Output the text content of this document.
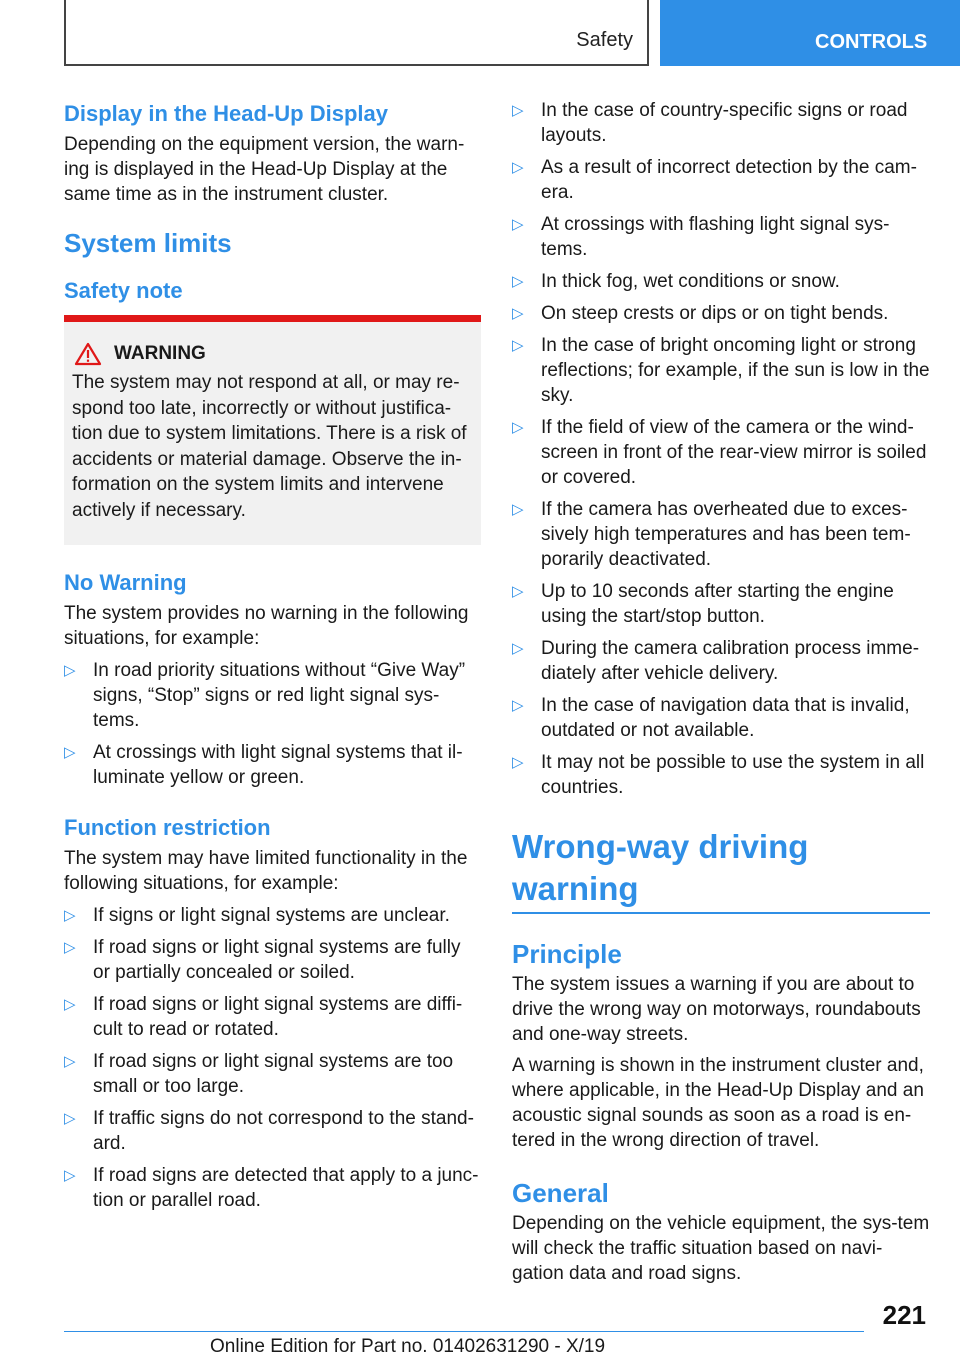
Safety	CONTROLS
Display in the Head-Up Display

Depending on the equipment version, the warn-ing is displayed in the Head-Up Display at the same time as in the instrument cluster.

System limits
Safety note
WARNING

The system may not respond at all, or may re-spond too late, incorrectly or without justifica-tion due to system limitations. There is a risk of accidents or material damage. Observe the in-formation on the system limits and intervene actively if necessary.

No Warning

The system provides no warning in the following situations, for example:

▷ In road priority situations without “Give Way” signs, “Stop” signs or red light signal sys-tems.
▷ At crossings with light signal systems that il-luminate yellow or green.
Function restriction

The system may have limited functionality in the following situations, for example:

▷ If signs or light signal systems are unclear.
▷ If road signs or light signal systems are fully or partially concealed or soiled.
▷ If road signs or light signal systems are diffi-cult to read or rotated.
▷ If road signs or light signal systems are too small or too large.
▷ If traffic signs do not correspond to the stand-ard.
▷ If road signs are detected that apply to a junc-tion or parallel road.
▷ In the case of country-specific signs or road layouts.
▷ As a result of incorrect detection by the cam-era.
▷ At crossings with flashing light signal sys-tems.
▷ In thick fog, wet conditions or snow.
▷ On steep crests or dips or on tight bends.
▷ In the case of bright oncoming light or strong reflections; for example, if the sun is low in the sky.
▷ If the field of view of the camera or the wind-screen in front of the rear-view mirror is soiled or covered.
▷ If the camera has overheated due to exces-sively high temperatures and has been tem-porarily deactivated.
▷ Up to 10 seconds after starting the engine using the start/stop button.
▷ During the camera calibration process imme-diately after vehicle delivery.
▷ In the case of navigation data that is invalid, outdated or not available.
▷ It may not be possible to use the system in all countries.
Wrong-way driving warning
Principle

The system issues a warning if you are about to drive the wrong way on motorways, roundabouts and one-way streets.

A warning is shown in the instrument cluster and, where applicable, in the Head-Up Display and an acoustic signal sounds as soon as a road is en-tered in the wrong direction of travel.

General

Depending on the vehicle equipment, the sys-tem will check the traffic situation based on navi-gation data and road signs.

221
Online Edition for Part no. 01402631290 - X/19
